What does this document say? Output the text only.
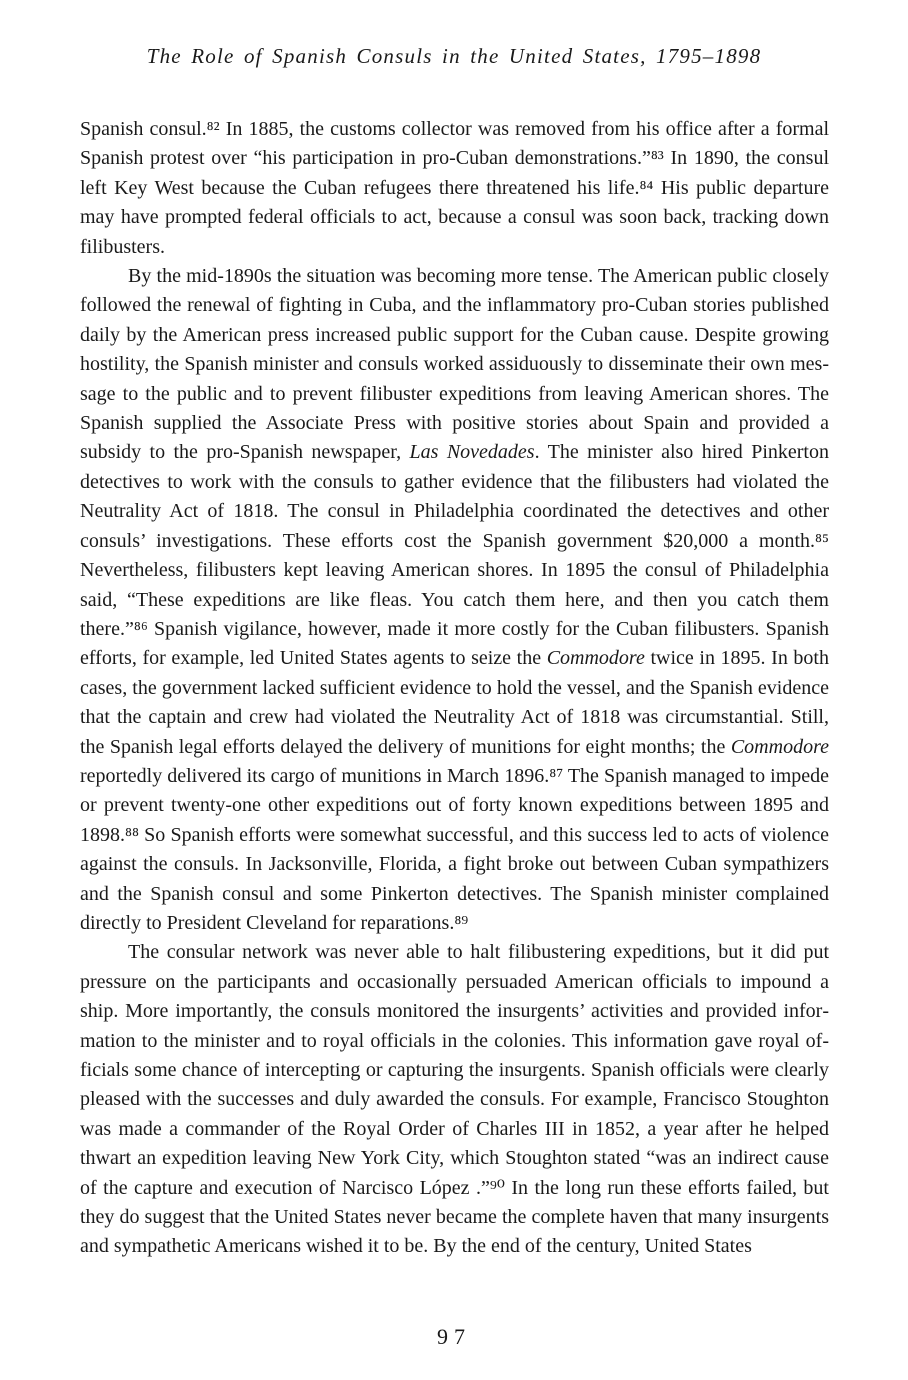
The Role of Spanish Consuls in the United States, 1795–1898

Spanish consul.⁸² In 1885, the customs collector was removed from his office after a formal Spanish protest over “his participation in pro-Cuban demonstrations.”⁸³ In 1890, the consul left Key West because the Cuban refugees there threatened his life.⁸⁴ His public departure may have prompted federal officials to act, because a consul was soon back, tracking down filibusters.

By the mid-1890s the situation was becoming more tense. The American public closely followed the renewal of fighting in Cuba, and the inflammatory pro-Cuban stories published daily by the American press increased public support for the Cuban cause. Despite growing hostility, the Spanish minister and consuls worked assiduously to disseminate their own message to the public and to prevent filibuster expeditions from leaving American shores. The Spanish supplied the Associate Press with positive stories about Spain and provided a subsidy to the pro-Spanish newspaper, Las Novedades. The minister also hired Pinkerton detectives to work with the consuls to gather evidence that the filibusters had violated the Neutrality Act of 1818. The consul in Philadelphia coordinated the detectives and other consuls’ investigations. These efforts cost the Spanish government $20,000 a month.⁸⁵ Nevertheless, filibusters kept leaving American shores. In 1895 the consul of Philadelphia said, “These expeditions are like fleas. You catch them here, and then you catch them there.”⁸⁶ Spanish vigilance, however, made it more costly for the Cuban filibusters. Spanish efforts, for example, led United States agents to seize the Commodore twice in 1895. In both cases, the government lacked sufficient evidence to hold the vessel, and the Spanish evidence that the captain and crew had violated the Neutrality Act of 1818 was circumstantial. Still, the Spanish legal efforts delayed the delivery of munitions for eight months; the Commodore reportedly delivered its cargo of munitions in March 1896.⁸⁷ The Spanish managed to impede or prevent twenty-one other expeditions out of forty known expeditions between 1895 and 1898.⁸⁸ So Spanish efforts were somewhat successful, and this success led to acts of violence against the consuls. In Jacksonville, Florida, a fight broke out between Cuban sympathizers and the Spanish consul and some Pinkerton detectives. The Spanish minister complained directly to President Cleveland for reparations.⁸⁹

The consular network was never able to halt filibustering expeditions, but it did put pressure on the participants and occasionally persuaded American officials to impound a ship. More importantly, the consuls monitored the insurgents’ activities and provided information to the minister and to royal officials in the colonies. This information gave royal officials some chance of intercepting or capturing the insurgents. Spanish officials were clearly pleased with the successes and duly awarded the consuls. For example, Francisco Stoughton was made a commander of the Royal Order of Charles III in 1852, a year after he helped thwart an expedition leaving New York City, which Stoughton stated “was an indirect cause of the capture and execution of Narcisco López .”⁹⁰ In the long run these efforts failed, but they do suggest that the United States never became the complete haven that many insurgents and sympathetic Americans wished it to be. By the end of the century, United States

97
